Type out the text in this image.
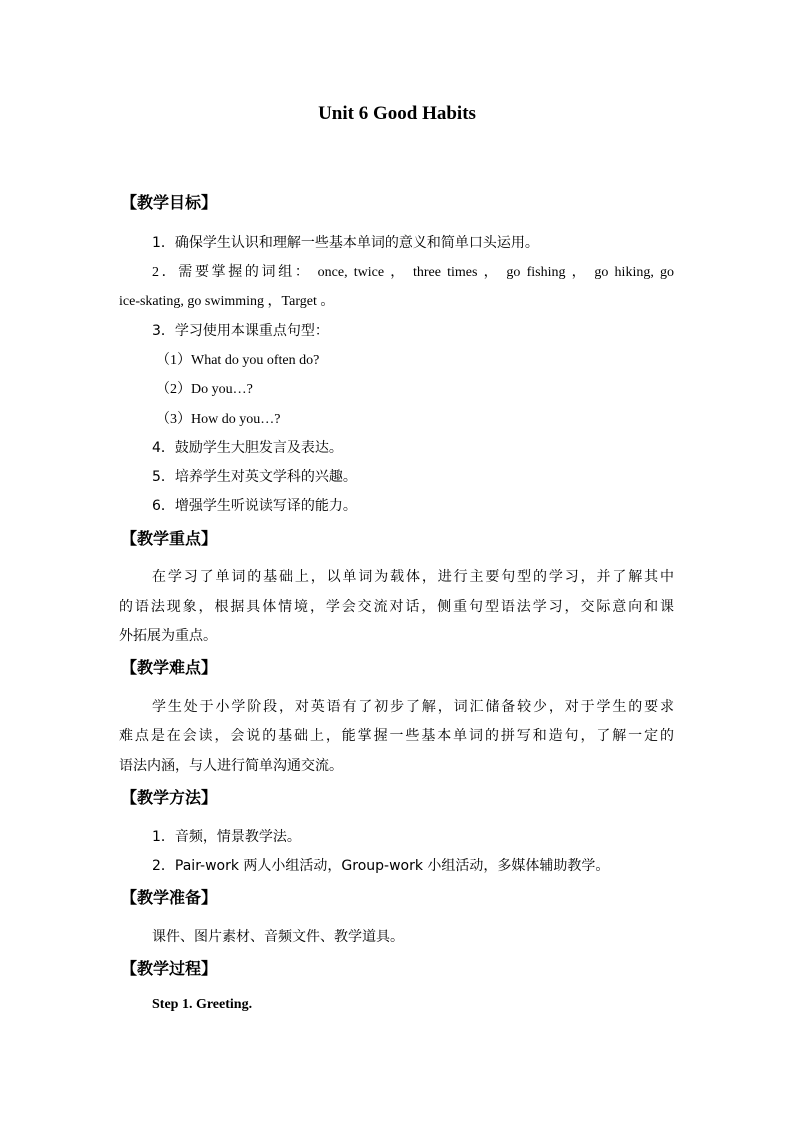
Unit 6 Good Habits
【教学目标】
1．确保学生认识和理解一些基本单词的意义和简单口头运用。
2．需要掌握的词组： once, twice ， three times ， go fishing ， go hiking, go
ice-skating, go swimming ，Target 。
3．学习使用本课重点句型：
（1）What do you often do?
（2）Do you…?
（3）How do you…?
4．鼓励学生大胆发言及表达。
5．培养学生对英文学科的兴趣。
6．增强学生听说读写译的能力。
【教学重点】
在学习了单词的基础上，以单词为载体，进行主要句型的学习，并了解其中
的语法现象，根据具体情境，学会交流对话，侧重句型语法学习，交际意向和课
外拓展为重点。
【教学难点】
学生处于小学阶段，对英语有了初步了解，词汇储备较少，对于学生的要求
难点是在会读，会说的基础上，能掌握一些基本单词的拼写和造句，了解一定的
语法内涵，与人进行简单沟通交流。
【教学方法】
1．音频，情景教学法。
2．Pair-work 两人小组活动，Group-work 小组活动，多媒体辅助教学。
【教学准备】
课件、图片素材、音频文件、教学道具。
【教学过程】
Step 1. Greeting.
